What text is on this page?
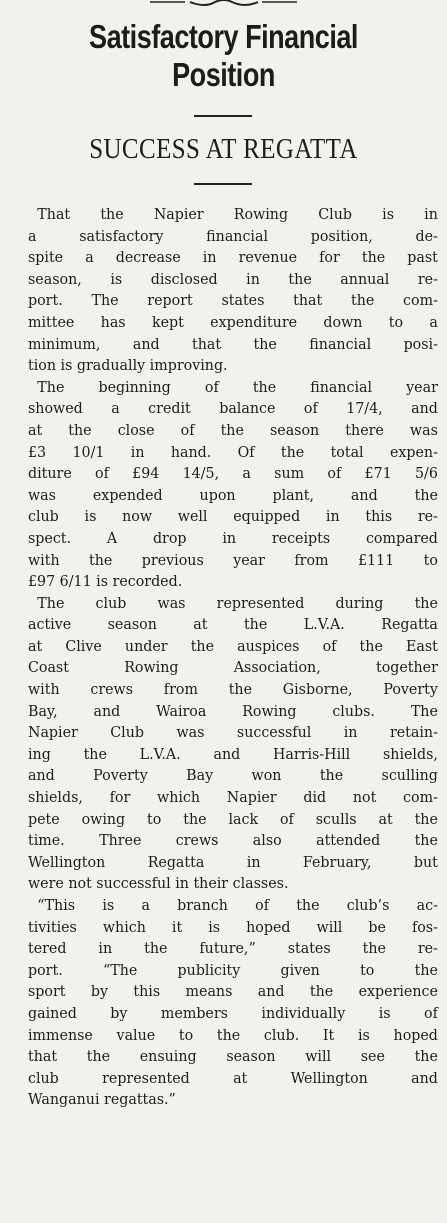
Satisfactory Financial
Position
SUCCESS AT REGATTA

That the Napier Rowing Club is in
a satisfactory financial position, de-
spite a decrease in revenue for the past
season, is disclosed in the annual re-
port. The report states that the com-
mittee has kept expenditure down to a
minimum, and that the financial posi-
tion is gradually improving.

The beginning of the financial year
showed a credit balance of 17/4, and
at the close of the season there was
£3 10/1 in hand. Of the total expen-
diture of £94 14/5, a sum of £71 5/6
was expended upon plant, and the
club is now well equipped in this re-
spect. A drop in receipts compared
with the previous year from £111 to
£97 6/11 is recorded.

The club was represented during the
active season at the L.V.A. Regatta
at Clive under the auspices of the East
Coast Rowing Association, together
with crews from the Gisborne, Poverty
Bay, and Wairoa Rowing clubs. The
Napier Club was successful in retain-
ing the L.V.A. and Harris-Hill shields,
and Poverty Bay won the sculling
shields, for which Napier did not com-
pete owing to the lack of sculls at the
time. Three crews also attended the
Wellington Regatta in February, but
were not successful in their classes.

“This is a branch of the club’s ac-
tivities which it is hoped will be fos-
tered in the future,” states the re-
port. “The publicity given to the
sport by this means and the experience
gained by members individually is of
immense value to the club. It is hoped
that the ensuing season will see the
club represented at Wellington and
Wanganui regattas.”
